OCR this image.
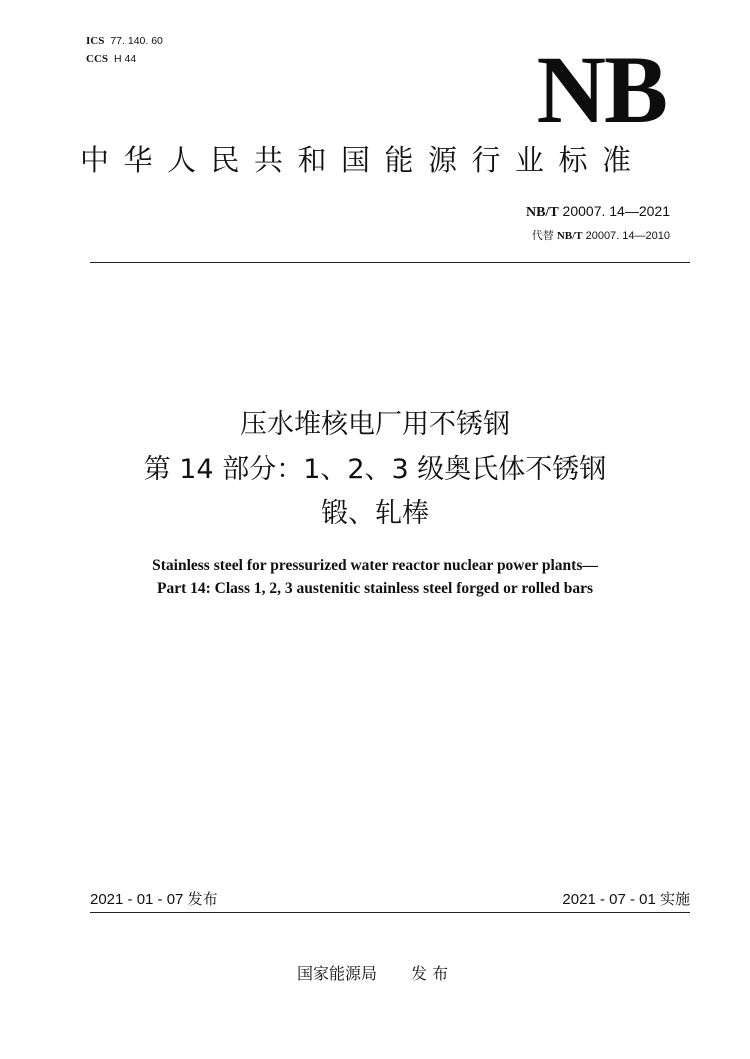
ICS 77. 140. 60
CCS H 44	NB
中华人民共和国能源行业标准
NB/T 20007. 14—2021
代替 NB/T 20007. 14—2010
压水堆核电厂用不锈钢
第 14 部分：1、2、3 级奥氏体不锈钢
锻、轧棒
Stainless steel for pressurized water reactor nuclear power plants—
Part 14: Class 1, 2, 3 austenitic stainless steel forged or rolled bars
2021 - 01 - 07 发布	2021 - 07 - 01 实施
国家能源局 发 布
